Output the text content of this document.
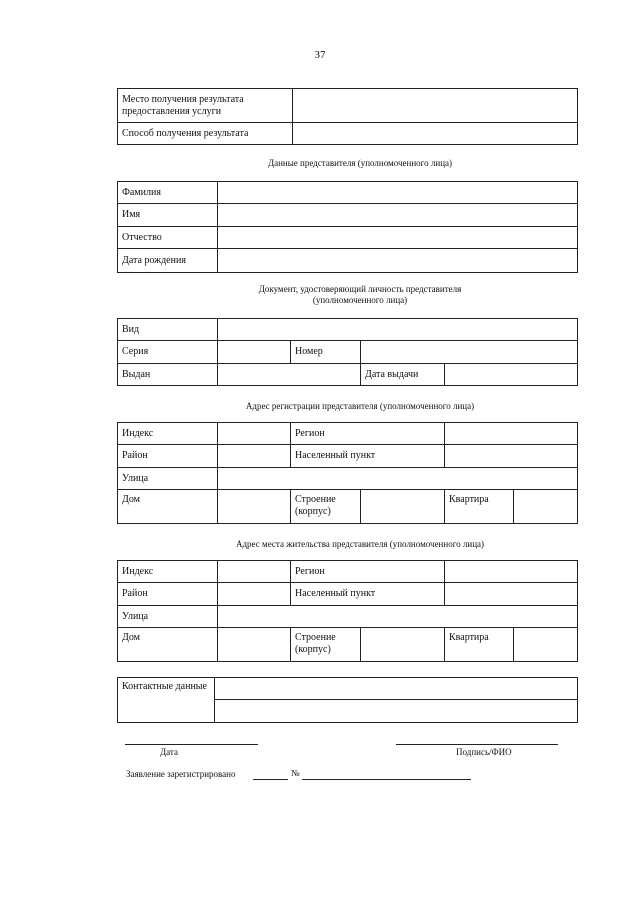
37
Место получения результата предоставления услуги	
Способ получения результата	
Данные представителя (уполномоченного лица)
Фамилия	
Имя	
Отчество	
Дата рождения	
Документ, удостоверяющий личность представителя (уполномоченного лица)
Вид				
Серия		Номер		
Выдан			Дата выдачи	
Адрес регистрации представителя (уполномоченного лица)
Индекс		Регион			
Район		Населенный пункт			
Улица					
Дом		Строение (корпус)		Квартира	
Адрес места жительства представителя (уполномоченного лица)
Индекс		Регион			
Район		Населенный пункт			
Улица					
Дом		Строение (корпус)		Квартира	
Контактные данные	

Дата	Подпись/ФИО
Заявление зарегистрировано	№
